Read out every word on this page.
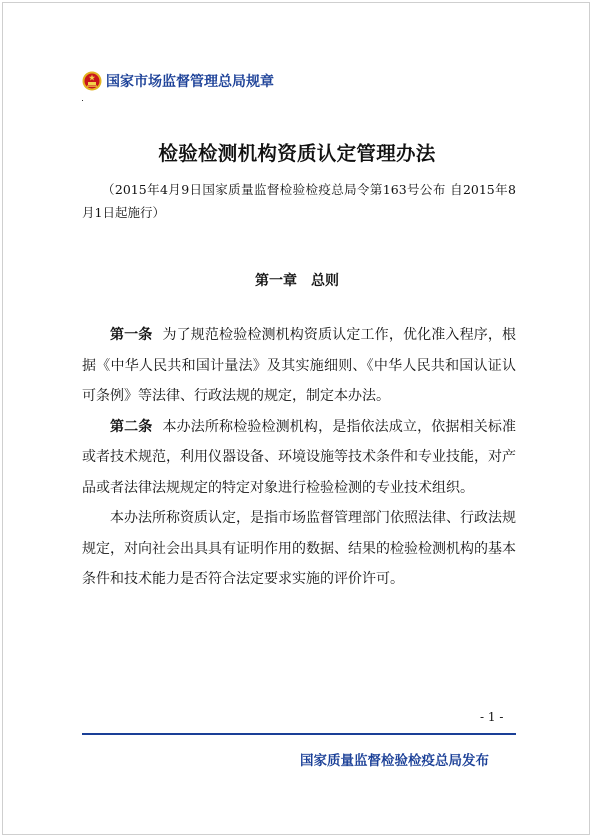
国家市场监督管理总局规章
检验检测机构资质认定管理办法
（2015年4月9日国家质量监督检验检疫总局令第163号公布 自2015年8月1日起施行）
第一章　总则

第一条 为了规范检验检测机构资质认定工作，优化准入程序，根据《中华人民共和国计量法》及其实施细则、《中华人民共和国认证认可条例》等法律、行政法规的规定，制定本办法。

第二条 本办法所称检验检测机构，是指依法成立，依据相关标准或者技术规范，利用仪器设备、环境设施等技术条件和专业技能，对产品或者法律法规规定的特定对象进行检验检测的专业技术组织。

本办法所称资质认定，是指市场监督管理部门依照法律、行政法规规定，对向社会出具具有证明作用的数据、结果的检验检测机构的基本条件和技术能力是否符合法定要求实施的评价许可。

- 1 -
国家质量监督检验检疫总局发布
